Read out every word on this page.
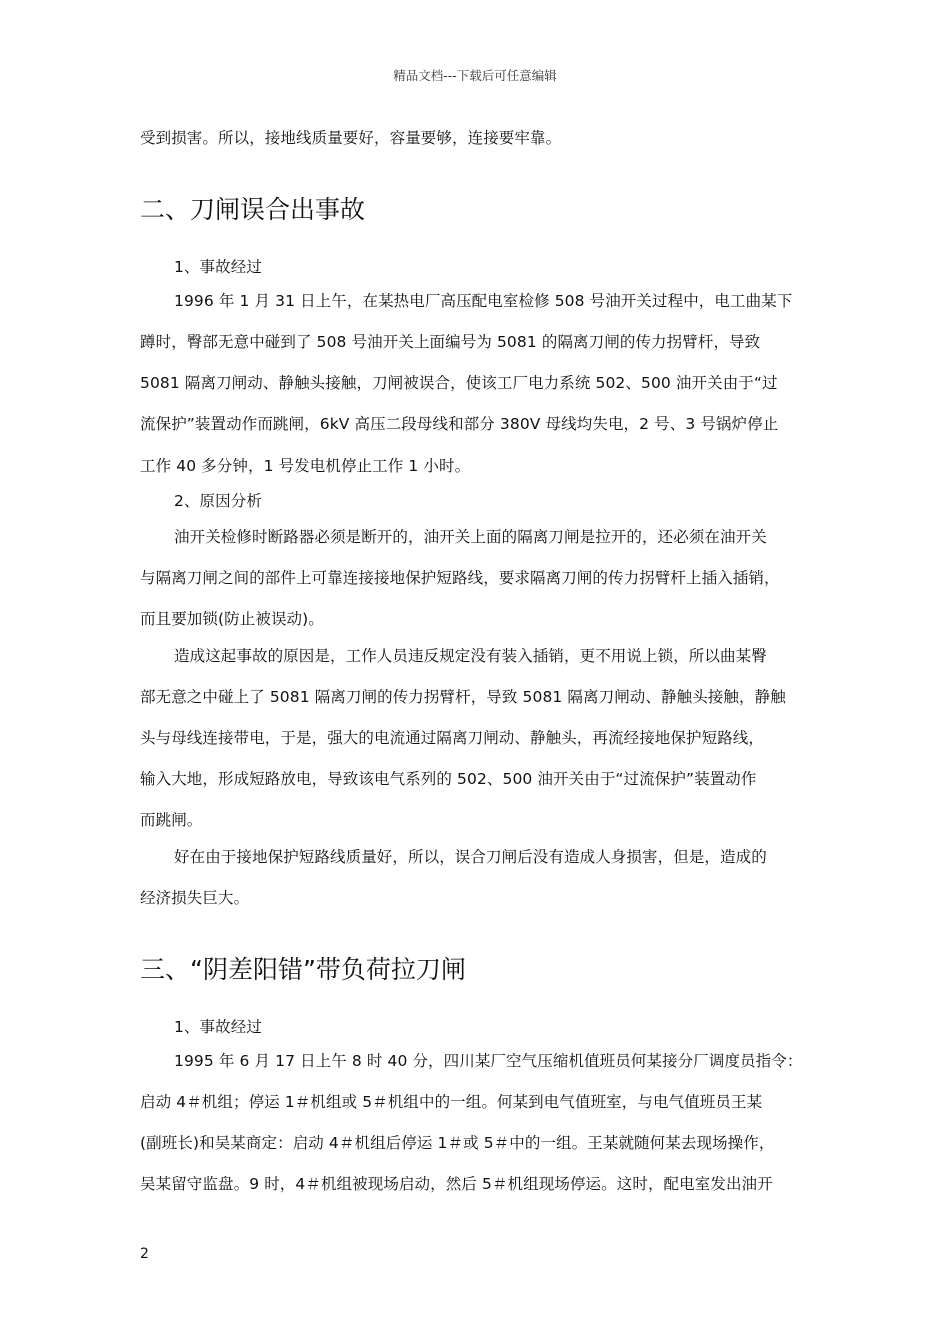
精品文档---下载后可任意编辑
受到损害。所以，接地线质量要好，容量要够，连接要牢靠。
二、刀闸误合出事故
1、事故经过
1996 年 1 月 31 日上午，在某热电厂高压配电室检修 508 号油开关过程中，电工曲某下
蹲时，臀部无意中碰到了 508 号油开关上面编号为 5081 的隔离刀闸的传力拐臂杆，导致
5081 隔离刀闸动、静触头接触，刀闸被误合，使该工厂电力系统 502、500 油开关由于“过
流保护”装置动作而跳闸，6kV 高压二段母线和部分 380V 母线均失电，2 号、3 号锅炉停止
工作 40 多分钟，1 号发电机停止工作 1 小时。
2、原因分析
油开关检修时断路器必须是断开的，油开关上面的隔离刀闸是拉开的，还必须在油开关
与隔离刀闸之间的部件上可靠连接接地保护短路线，要求隔离刀闸的传力拐臂杆上插入插销，
而且要加锁(防止被误动)。
造成这起事故的原因是，工作人员违反规定没有装入插销，更不用说上锁，所以曲某臀
部无意之中碰上了 5081 隔离刀闸的传力拐臂杆，导致 5081 隔离刀闸动、静触头接触，静触
头与母线连接带电，于是，强大的电流通过隔离刀闸动、静触头，再流经接地保护短路线，
输入大地，形成短路放电，导致该电气系列的 502、500 油开关由于“过流保护”装置动作
而跳闸。
好在由于接地保护短路线质量好，所以，误合刀闸后没有造成人身损害，但是，造成的
经济损失巨大。
三、“阴差阳错”带负荷拉刀闸
1、事故经过
1995 年 6 月 17 日上午 8 时 40 分，四川某厂空气压缩机值班员何某接分厂调度员指令：
启动 4＃机组；停运 1＃机组或 5＃机组中的一组。何某到电气值班室，与电气值班员王某
(副班长)和吴某商定：启动 4＃机组后停运 1＃或 5＃中的一组。王某就随何某去现场操作，
吴某留守监盘。9 时，4＃机组被现场启动，然后 5＃机组现场停运。这时，配电室发出油开
2
